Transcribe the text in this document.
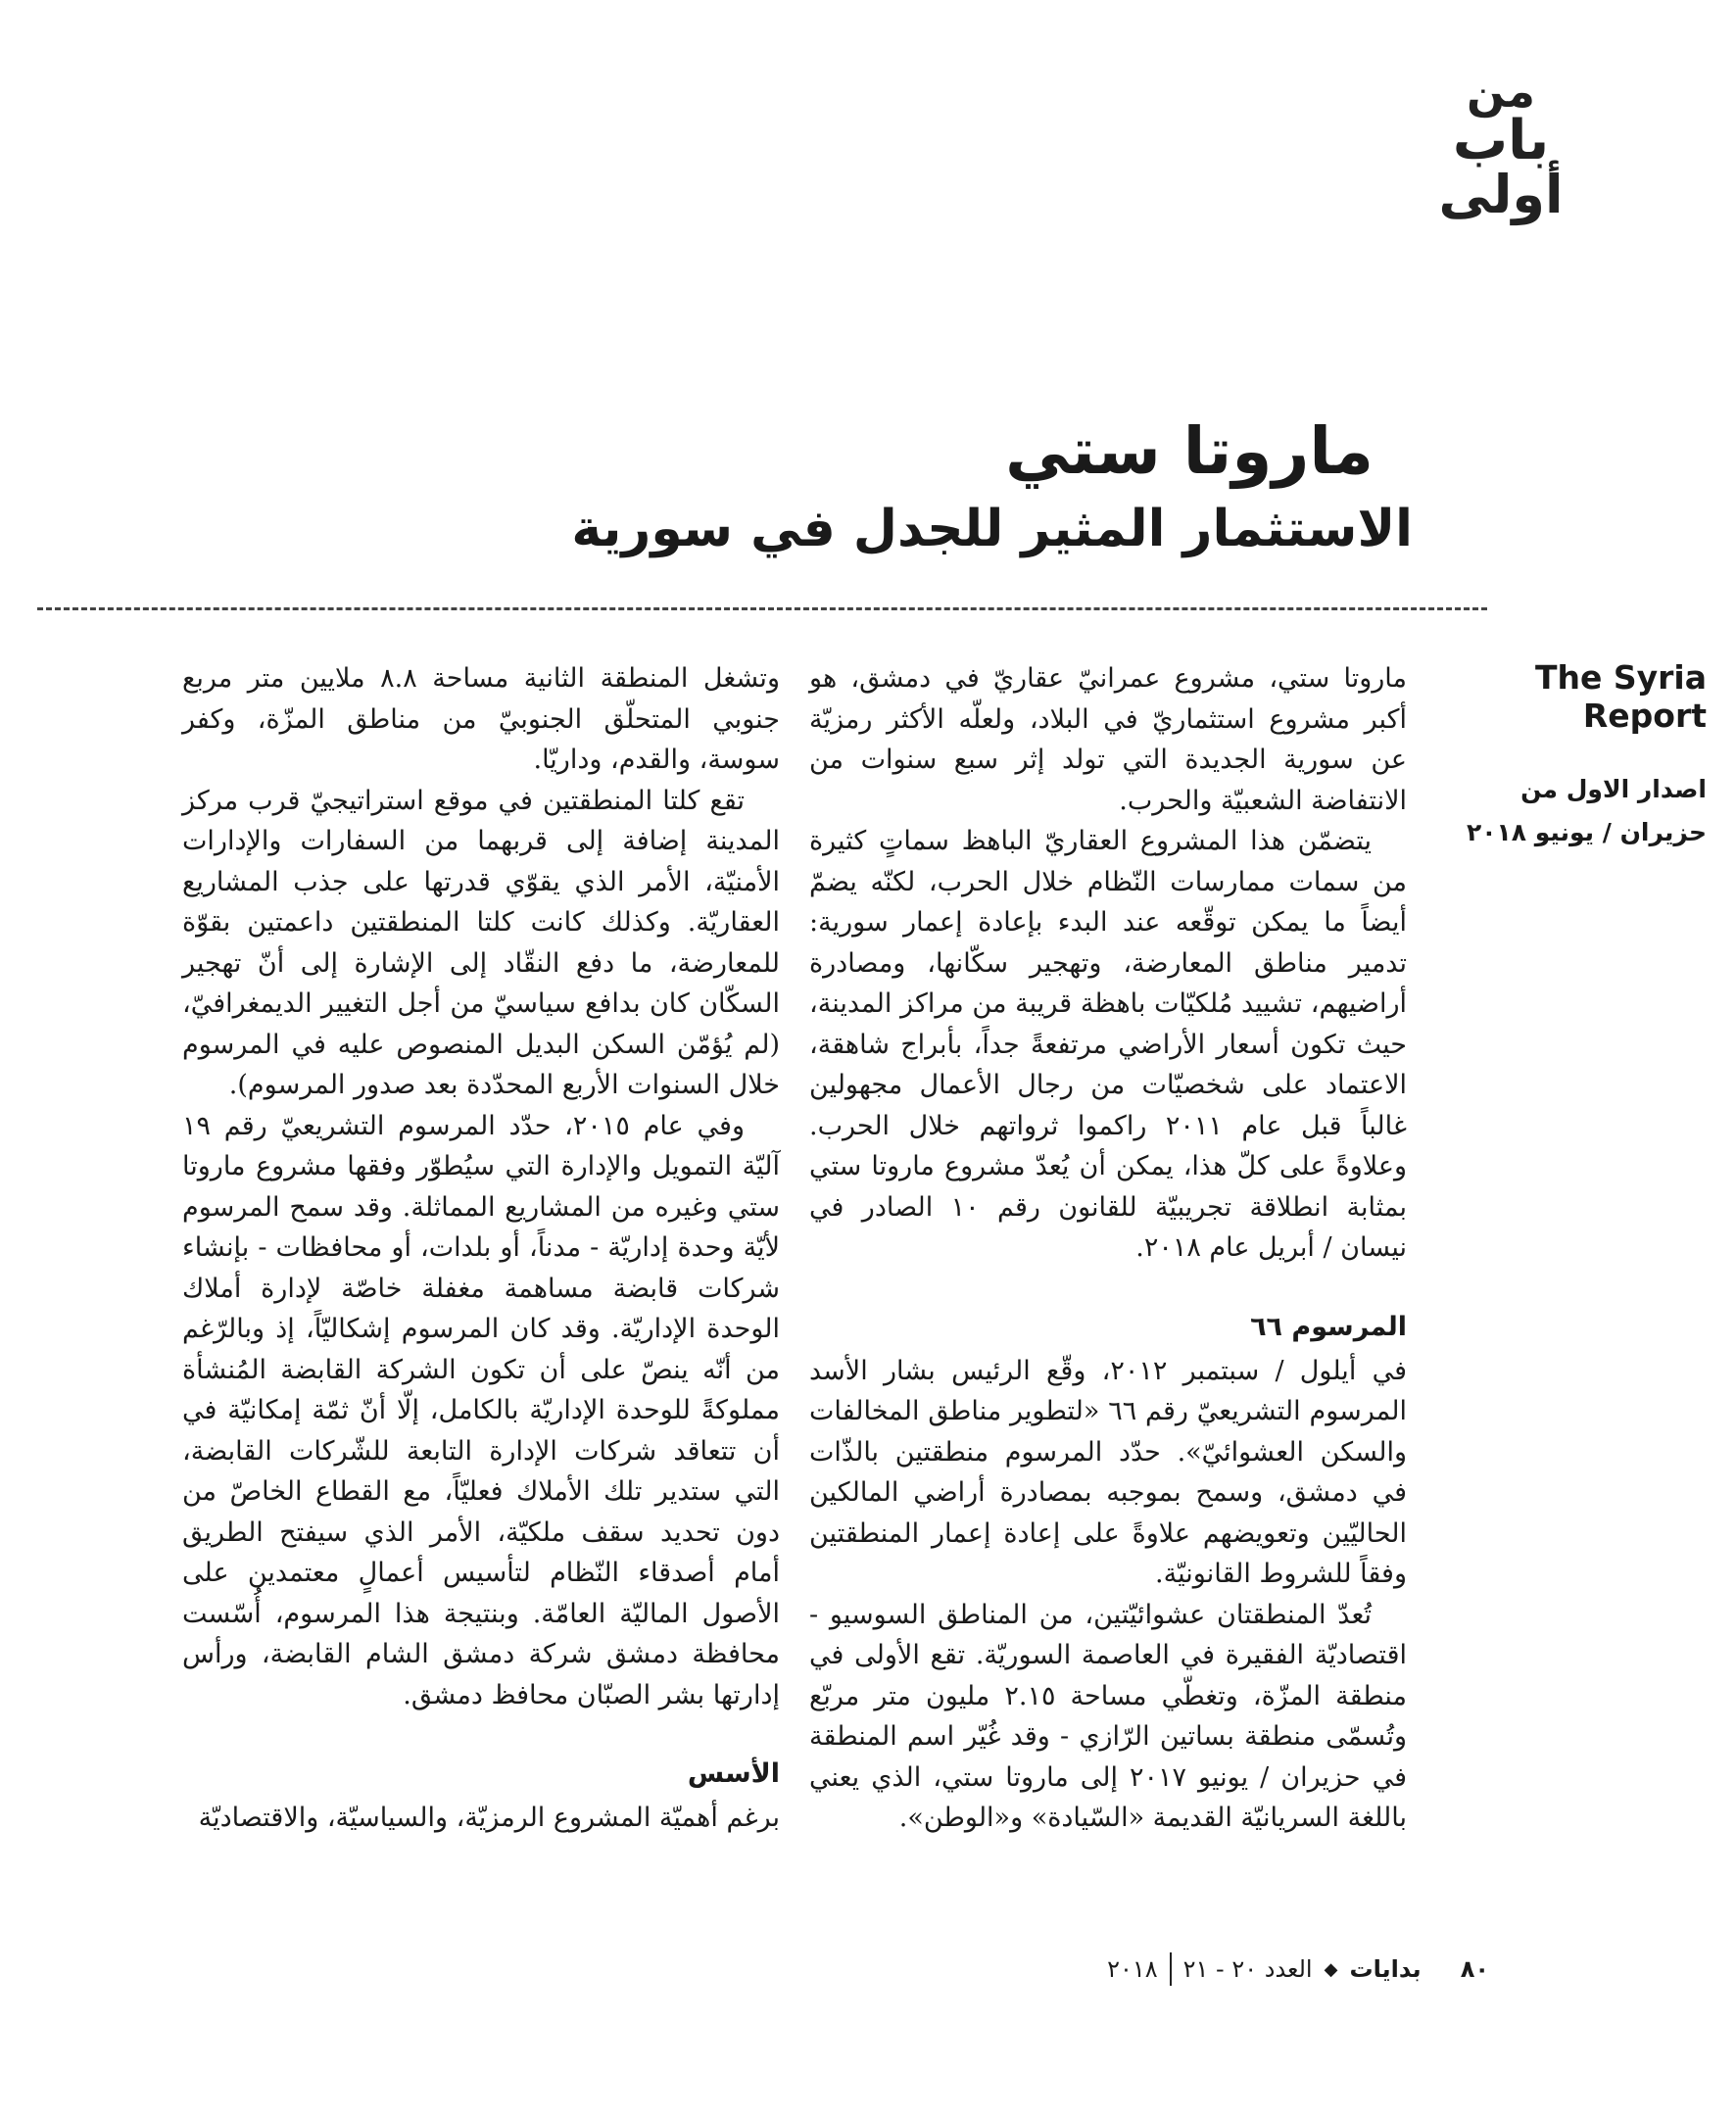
من
باب
أولى
ماروتا ستي
الاستثمار المثير للجدل في سورية

The Syria Report

اصدار الاول من
حزيران / يونيو ٢٠١٨

ماروتا ستي، مشروع عمرانيّ عقاريّ في دمشق، هو أكبر مشروع استثماريّ في البلاد، ولعلّه الأكثر رمزيّة عن سورية الجديدة التي تولد إثر سبع سنوات من الانتفاضة الشعبيّة والحرب.

يتضمّن هذا المشروع العقاريّ الباهظ سماتٍ كثيرة من سمات ممارسات النّظام خلال الحرب، لكنّه يضمّ أيضاً ما يمكن توقّعه عند البدء بإعادة إعمار سورية: تدمير مناطق المعارضة، وتهجير سكّانها، ومصادرة أراضيهم، تشييد مُلكيّات باهظة قريبة من مراكز المدينة، حيث تكون أسعار الأراضي مرتفعةً جداً، بأبراج شاهقة، الاعتماد على شخصيّات من رجال الأعمال مجهولين غالباً قبل عام ٢٠١١ راكموا ثرواتهم خلال الحرب. وعلاوةً على كلّ هذا، يمكن أن يُعدّ مشروع ماروتا ستي بمثابة انطلاقة تجريبيّة للقانون رقم ١٠ الصادر في نيسان / أبريل عام ٢٠١٨.

المرسوم ٦٦

في أيلول / سبتمبر ٢٠١٢، وقّع الرئيس بشار الأسد المرسوم التشريعيّ رقم ٦٦ «لتطوير مناطق المخالفات والسكن العشوائيّ». حدّد المرسوم منطقتين بالذّات في دمشق، وسمح بموجبه بمصادرة أراضي المالكين الحاليّين وتعويضهم علاوةً على إعادة إعمار المنطقتين وفقاً للشروط القانونيّة.

تُعدّ المنطقتان عشوائيّتين، من المناطق السوسيو - اقتصاديّة الفقيرة في العاصمة السوريّة. تقع الأولى في منطقة المزّة، وتغطّي مساحة ٢.١٥ مليون متر مربّع وتُسمّى منطقة بساتين الرّازي - وقد غُيّر اسم المنطقة في حزيران / يونيو ٢٠١٧ إلى ماروتا ستي، الذي يعني باللغة السريانيّة القديمة «السّيادة» و«الوطن».

وتشغل المنطقة الثانية مساحة ٨.٨ ملايين متر مربع جنوبي المتحلّق الجنوبيّ من مناطق المزّة، وكفر سوسة، والقدم، وداريّا.

تقع كلتا المنطقتين في موقع استراتيجيّ قرب مركز المدينة إضافة إلى قربهما من السفارات والإدارات الأمنيّة، الأمر الذي يقوّي قدرتها على جذب المشاريع العقاريّة. وكذلك كانت كلتا المنطقتين داعمتين بقوّة للمعارضة، ما دفع النقّاد إلى الإشارة إلى أنّ تهجير السكّان كان بدافع سياسيّ من أجل التغيير الديمغرافيّ، (لم يُؤمّن السكن البديل المنصوص عليه في المرسوم خلال السنوات الأربع المحدّدة بعد صدور المرسوم).

وفي عام ٢٠١٥، حدّد المرسوم التشريعيّ رقم ١٩ آليّة التمويل والإدارة التي سيُطوّر وفقها مشروع ماروتا ستي وغيره من المشاريع المماثلة. وقد سمح المرسوم لأيّة وحدة إداريّة - مدناً، أو بلدات، أو محافظات - بإنشاء شركات قابضة مساهمة مغفلة خاصّة لإدارة أملاك الوحدة الإداريّة. وقد كان المرسوم إشكاليّاً، إذ وبالرّغم من أنّه ينصّ على أن تكون الشركة القابضة المُنشأة مملوكةً للوحدة الإداريّة بالكامل، إلّا أنّ ثمّة إمكانيّة في أن تتعاقد شركات الإدارة التابعة للشّركات القابضة، التي ستدير تلك الأملاك فعليّاً، مع القطاع الخاصّ من دون تحديد سقف ملكيّة، الأمر الذي سيفتح الطريق أمام أصدقاء النّظام لتأسيس أعمالٍ معتمدين على الأصول الماليّة العامّة. وبنتيجة هذا المرسوم، أُسّست محافظة دمشق شركة دمشق الشام القابضة، ورأس إدارتها بشر الصبّان محافظ دمشق.

الأسس

برغم أهميّة المشروع الرمزيّة، والسياسيّة، والاقتصاديّة

٨٠
بدايات
◆
العدد ٢٠ - ٢١
٢٠١٨
